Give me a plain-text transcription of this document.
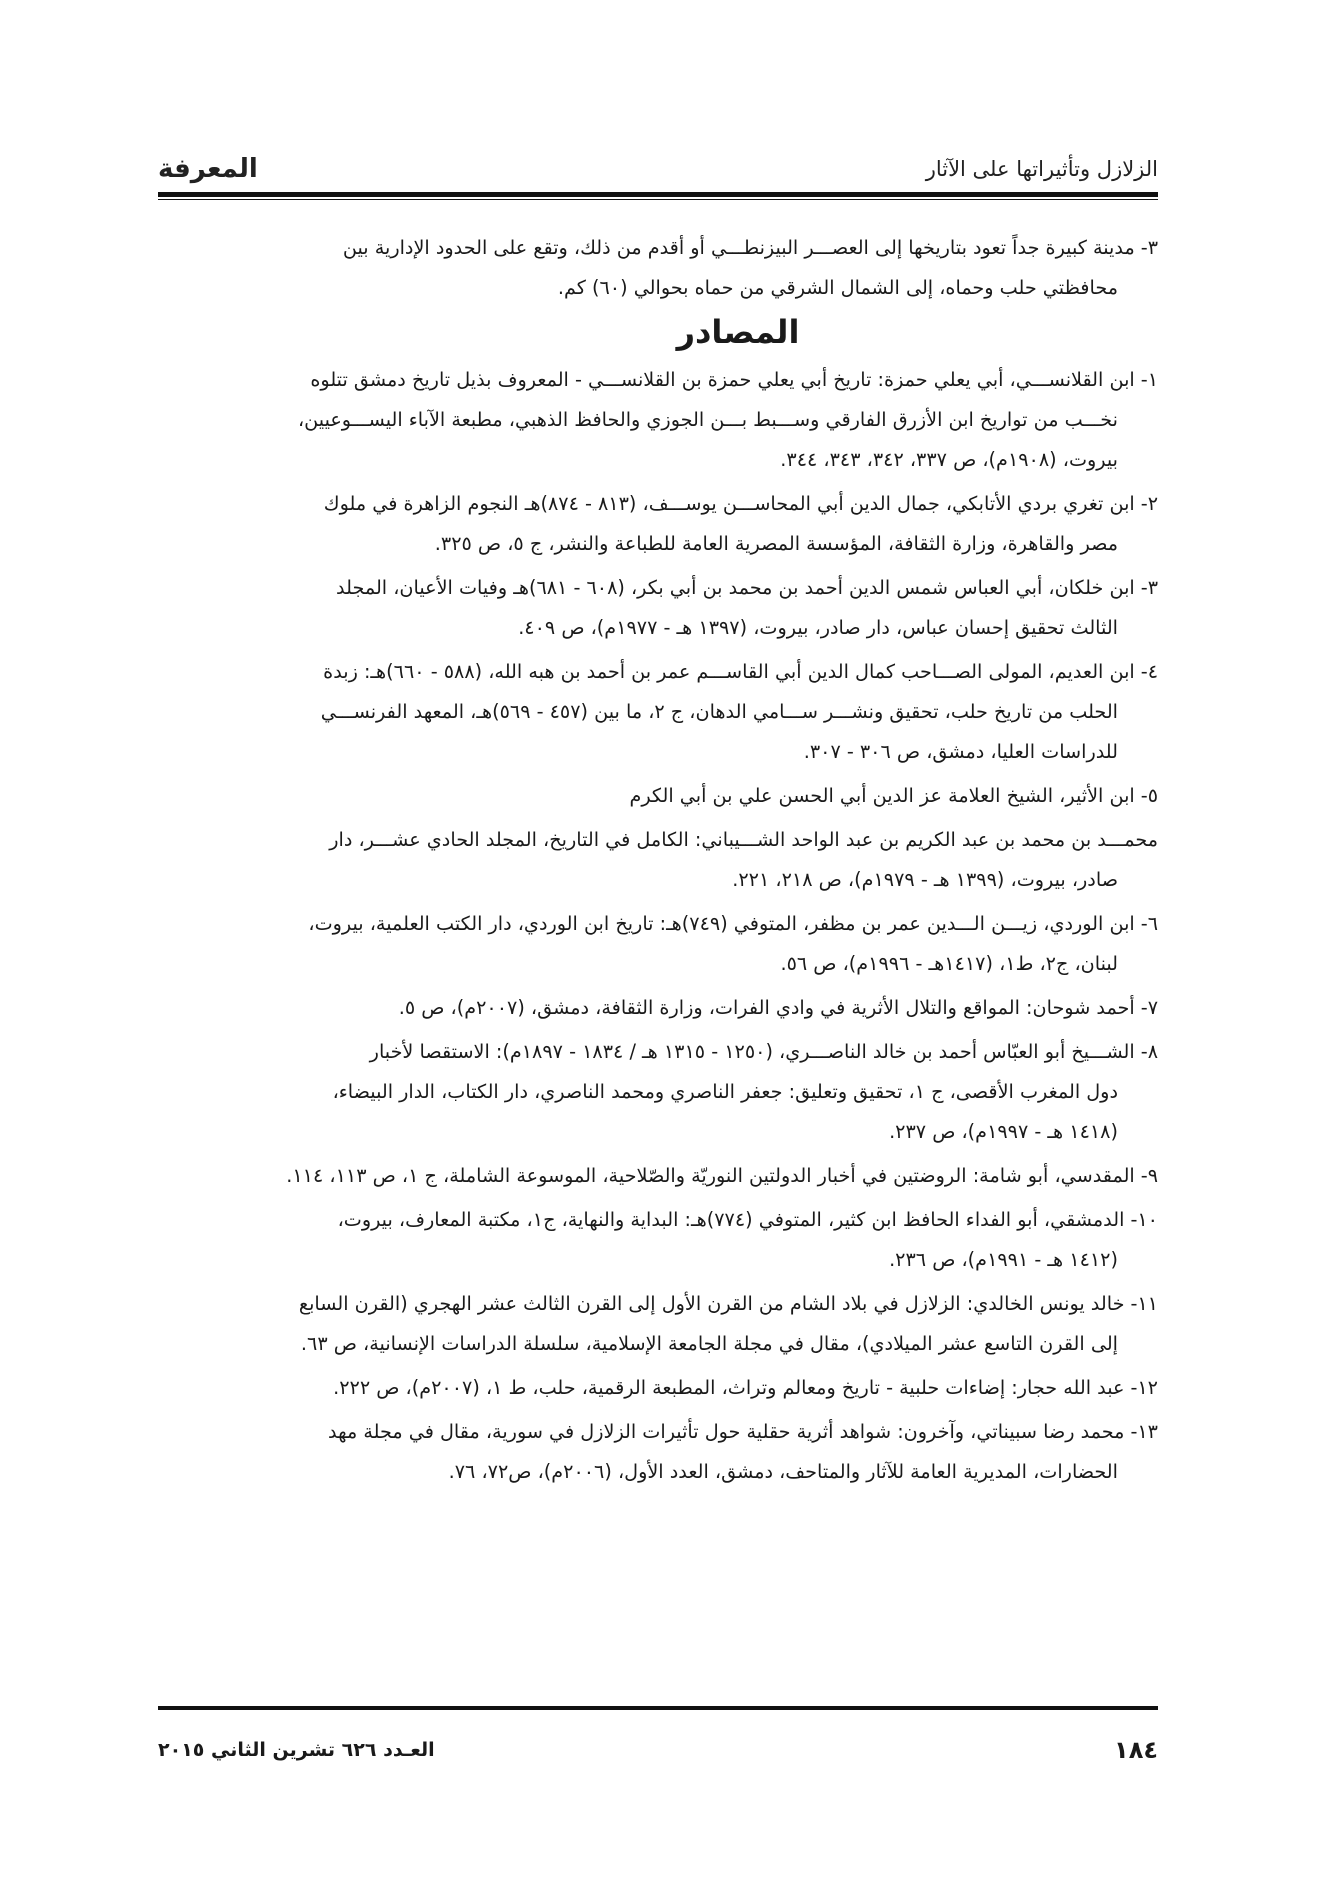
المعرفة	الزلازل وتأثيراتها على الآثار
٣-مدينة كبيرة جداً تعود بتاريخها إلى العصـــر البيزنطـــي أو أقدم من ذلك، وتقع على الحدود الإدارية بين
محافظتي حلب وحماه، إلى الشمال الشرقي من حماه بحوالي (٦٠) كم.
المصادر
١-ابن القلانســـي، أبي يعلي حمزة: تاريخ أبي يعلي حمزة بن القلانســـي - المعروف بذيل تاريخ دمشق تتلوه
نخـــب من تواريخ ابن الأزرق الفارقي وســـبط بـــن الجوزي والحافظ الذهبي، مطبعة الآباء اليســـوعيين،
بيروت، (١٩٠٨م)، ص ٣٣٧، ٣٤٢، ٣٤٣، ٣٤٤.
٢-ابن تغري بردي الأتابكي، جمال الدين أبي المحاســـن يوســـف، (٨١٣ - ٨٧٤)هـ النجوم الزاهرة في ملوك
مصر والقاهرة، وزارة الثقافة، المؤسسة المصرية العامة للطباعة والنشر، ج ٥، ص ٣٢٥.
٣-ابن خلكان، أبي العباس شمس الدين أحمد بن محمد بن أبي بكر، (٦٠٨ - ٦٨١)هـ وفيات الأعيان، المجلد
الثالث تحقيق إحسان عباس، دار صادر، بيروت، (١٣٩٧ هـ - ١٩٧٧م)، ص ٤٠٩.
٤-ابن العديم، المولى الصـــاحب كمال الدين أبي القاســـم عمر بن أحمد بن هبه الله، (٥٨٨ - ٦٦٠)هـ: زبدة
الحلب من تاريخ حلب، تحقيق ونشـــر ســـامي الدهان، ج ٢، ما بين (٤٥٧ - ٥٦٩)هـ، المعهد الفرنســـي
للدراسات العليا، دمشق، ص ٣٠٦ - ٣٠٧.
٥-ابن الأثير، الشيخ العلامة عز الدين أبي الحسن علي بن أبي الكرم
محمـــد بن محمد بن عبد الكريم بن عبد الواحد الشـــيباني: الكامل في التاريخ، المجلد الحادي عشـــر، دار
صادر، بيروت، (١٣٩٩ هـ - ١٩٧٩م)، ص ٢١٨، ٢٢١.
٦-ابن الوردي، زيـــن الـــدين عمر بن مظفر، المتوفي (٧٤٩)هـ: تاريخ ابن الوردي، دار الكتب العلمية، بيروت،
لبنان، ج٢، ط١، (١٤١٧هـ - ١٩٩٦م)، ص ٥٦.
٧-أحمد شوحان: المواقع والتلال الأثرية في وادي الفرات، وزارة الثقافة، دمشق، (٢٠٠٧م)، ص ٥.
٨-الشـــيخ أبو العبّاس أحمد بن خالد الناصـــري، (١٢٥٠ - ١٣١٥ هـ / ١٨٣٤ - ١٨٩٧م): الاستقصا لأخبار
دول المغرب الأقصى، ج ١، تحقيق وتعليق: جعفر الناصري ومحمد الناصري، دار الكتاب، الدار البيضاء،
(١٤١٨ هـ - ١٩٩٧م)، ص ٢٣٧.
٩-المقدسي، أبو شامة: الروضتين في أخبار الدولتين النوريّة والصّلاحية، الموسوعة الشاملة، ج ١، ص ١١٣، ١١٤.
١٠-الدمشقي، أبو الفداء الحافظ ابن كثير، المتوفي (٧٧٤)هـ: البداية والنهاية، ج١، مكتبة المعارف، بيروت،
(١٤١٢ هـ - ١٩٩١م)، ص ٢٣٦.
١١-خالد يونس الخالدي: الزلازل في بلاد الشام من القرن الأول إلى القرن الثالث عشر الهجري (القرن السابع
إلى القرن التاسع عشر الميلادي)، مقال في مجلة الجامعة الإسلامية، سلسلة الدراسات الإنسانية، ص ٦٣.
١٢-عبد الله حجار: إضاءات حلبية - تاريخ ومعالم وتراث، المطبعة الرقمية، حلب، ط ١، (٢٠٠٧م)، ص ٢٢٢.
١٣-محمد رضا سبيناتي، وآخرون: شواهد أثرية حقلية حول تأثيرات الزلازل في سورية، مقال في مجلة مهد
الحضارات، المديرية العامة للآثار والمتاحف، دمشق، العدد الأول، (٢٠٠٦م)، ص٧٢، ٧٦.
العـدد ٦٢٦ تشرين الثاني ٢٠١٥	١٨٤
